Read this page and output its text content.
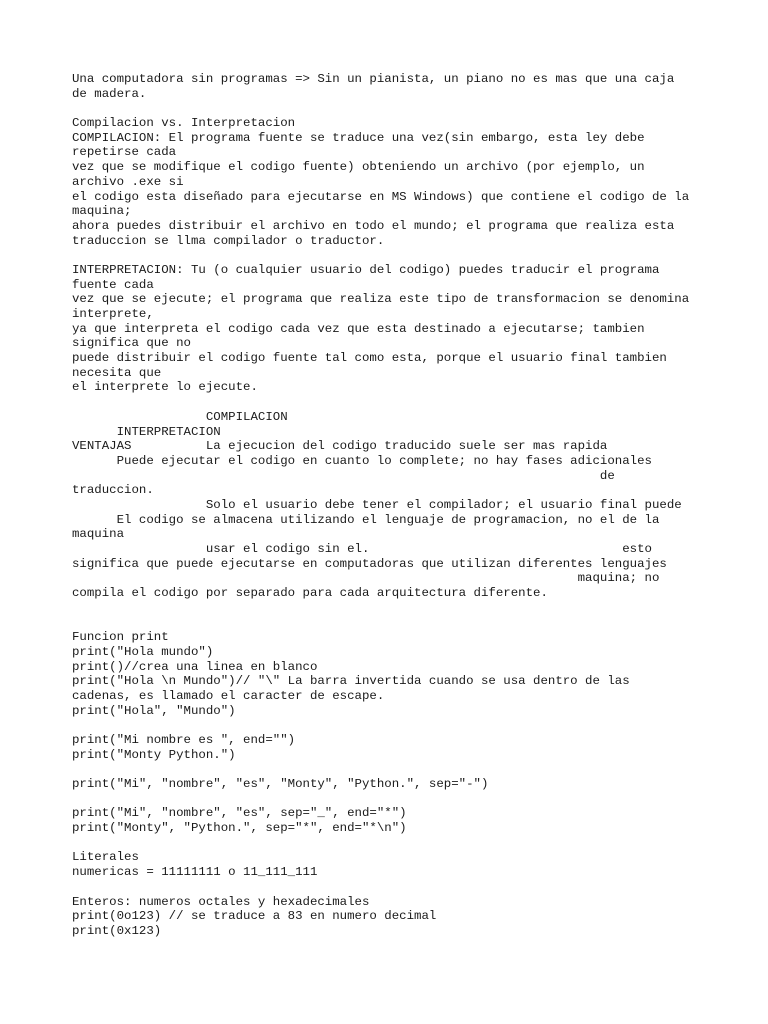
Una computadora sin programas => Sin un pianista, un piano no es mas que una caja
de madera.
Compilacion vs. Interpretacion
COMPILACION: El programa fuente se traduce una vez(sin embargo, esta ley debe
repetirse cada
vez que se modifique el codigo fuente) obteniendo un archivo (por ejemplo, un
archivo .exe si
el codigo esta diseñado para ejecutarse en MS Windows) que contiene el codigo de la
maquina;
ahora puedes distribuir el archivo en todo el mundo; el programa que realiza esta
traduccion se llma compilador o traductor.
INTERPRETACION: Tu (o cualquier usuario del codigo) puedes traducir el programa
fuente cada
vez que se ejecute; el programa que realiza este tipo de transformacion se denomina
interprete,
ya que interpreta el codigo cada vez que esta destinado a ejecutarse; tambien
significa que no
puede distribuir el codigo fuente tal como esta, porque el usuario final tambien
necesita que
el interprete lo ejecute.
COMPILACION
INTERPRETACION
VENTAJAS          La ejecucion del codigo traducido suele ser mas rapida
Puede ejecutar el codigo en cuanto lo complete; no hay fases adicionales
de
traduccion.
Solo el usuario debe tener el compilador; el usuario final puede
El codigo se almacena utilizando el lenguaje de programacion, no el de la
maquina
usar el codigo sin el.                                  esto
significa que puede ejecutarse en computadoras que utilizan diferentes lenguajes
maquina; no
compila el codigo por separado para cada arquitectura diferente.
Funcion print
print("Hola mundo")
print()//crea una linea en blanco
print("Hola \n Mundo")// "\" La barra invertida cuando se usa dentro de las
cadenas, es llamado el caracter de escape.
print("Hola", "Mundo")
print("Mi nombre es ", end="")
print("Monty Python.")
print("Mi", "nombre", "es", "Monty", "Python.", sep="-")
print("Mi", "nombre", "es", sep="_", end="*")
print("Monty", "Python.", sep="*", end="*\n")
Literales
numericas = 11111111 o 11_111_111
Enteros: numeros octales y hexadecimales
print(0o123) // se traduce a 83 en numero decimal
print(0x123)
